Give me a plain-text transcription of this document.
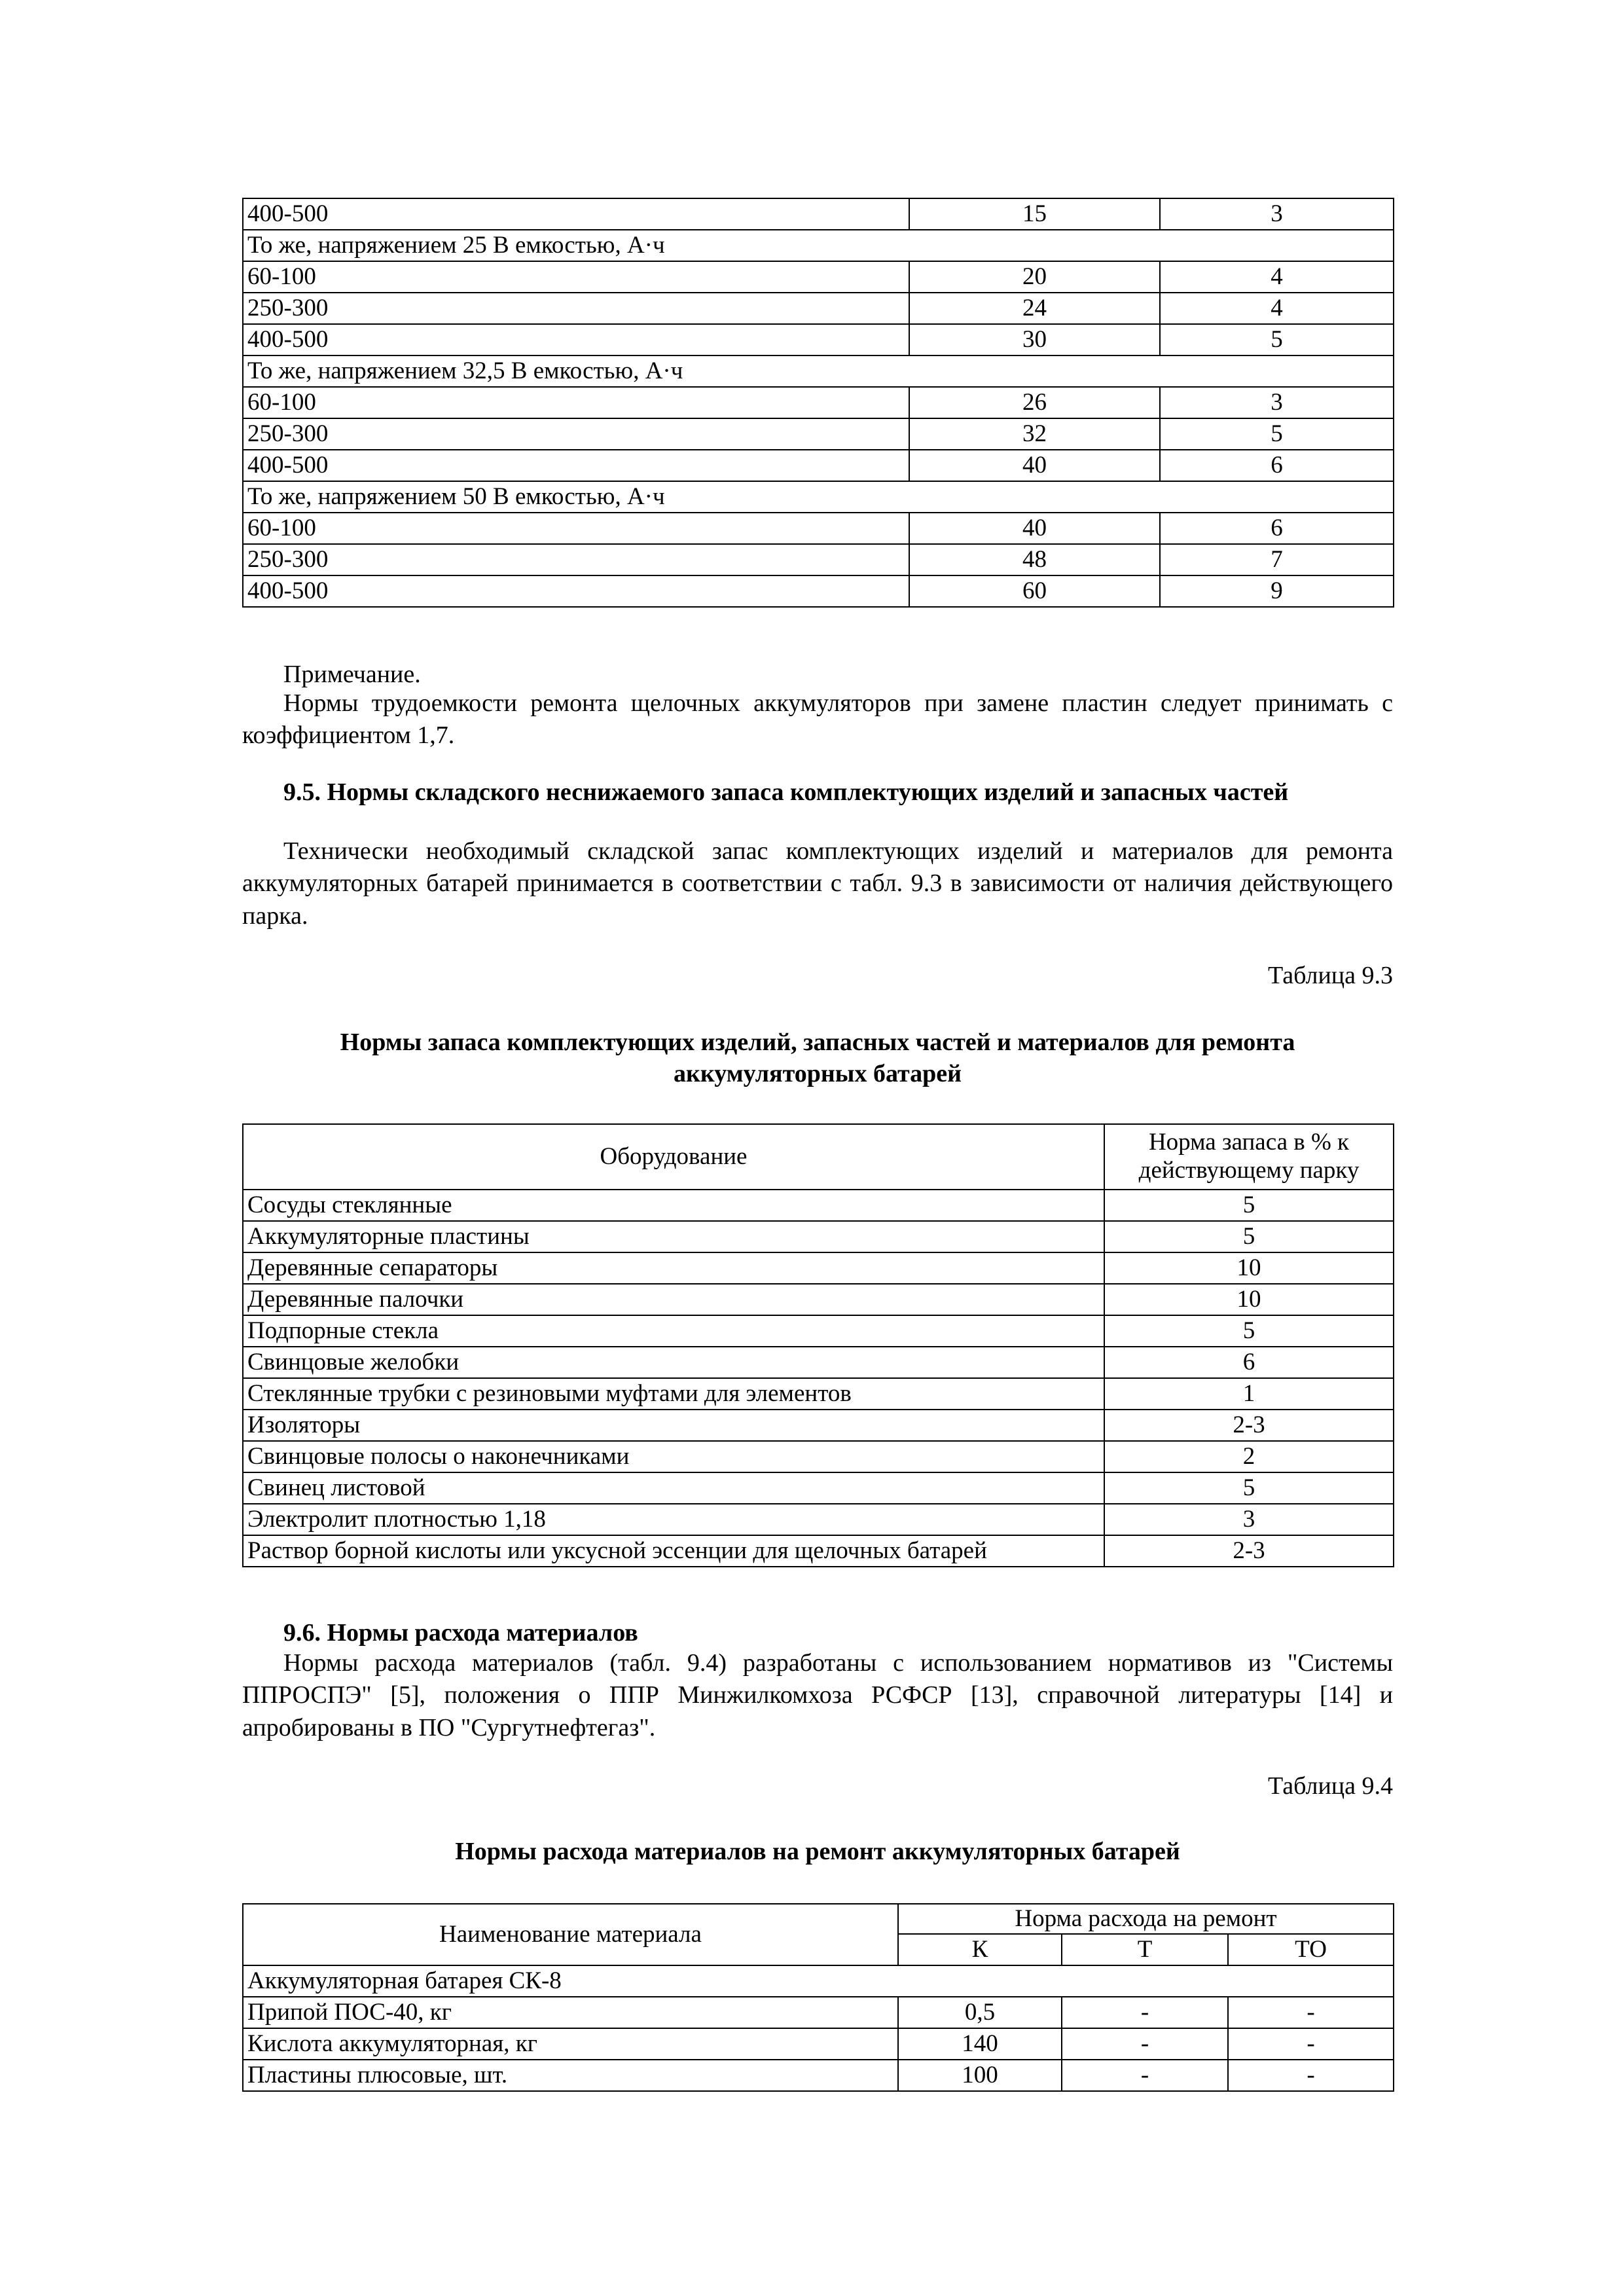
400-500	15	3
То же, напряжением 25 В емкостью, А·ч		
60-100	20	4
250-300	24	4
400-500	30	5
То же, напряжением 32,5 В емкостью, А·ч		
60-100	26	3
250-300	32	5
400-500	40	6
То же, напряжением 50 В емкостью, А·ч		
60-100	40	6
250-300	48	7
400-500	60	9
Примечание.
Нормы трудоемкости ремонта щелочных аккумуляторов при замене пластин следует принимать с коэффициентом 1,7.
9.5. Нормы складского неснижаемого запаса комплектующих изделий и запасных частей
Технически необходимый складской запас комплектующих изделий и материалов для ремонта аккумуляторных батарей принимается в соответствии с табл. 9.3 в зависимости от наличия действующего парка.
Таблица 9.3
Нормы запаса комплектующих изделий, запасных частей и материалов для ремонта
аккумуляторных батарей
Оборудование	Норма запаса в % к действующему парку
Сосуды стеклянные	5
Аккумуляторные пластины	5
Деревянные сепараторы	10
Деревянные палочки	10
Подпорные стекла	5
Свинцовые желобки	6
Стеклянные трубки с резиновыми муфтами для элементов	1
Изоляторы	2-3
Свинцовые полосы о наконечниками	2
Свинец листовой	5
Электролит плотностью 1,18	3
Раствор борной кислоты или уксусной эссенции для щелочных батарей	2-3
9.6. Нормы расхода материалов
Нормы расхода материалов (табл. 9.4) разработаны с использованием нормативов из "Системы ППРОСПЭ" [5], положения о ППР Минжилкомхоза РСФСР [13], справочной литературы [14] и апробированы в ПО "Сургутнефтегаз".
Таблица 9.4
Нормы расхода материалов на ремонт аккумуляторных батарей
Наименование материала	Норма расхода на ремонт		
	К	Т	ТО
Аккумуляторная батарея СК-8			
Припой ПОС-40, кг	0,5	-	-
Кислота аккумуляторная, кг	140	-	-
Пластины плюсовые, шт.	100	-	-
